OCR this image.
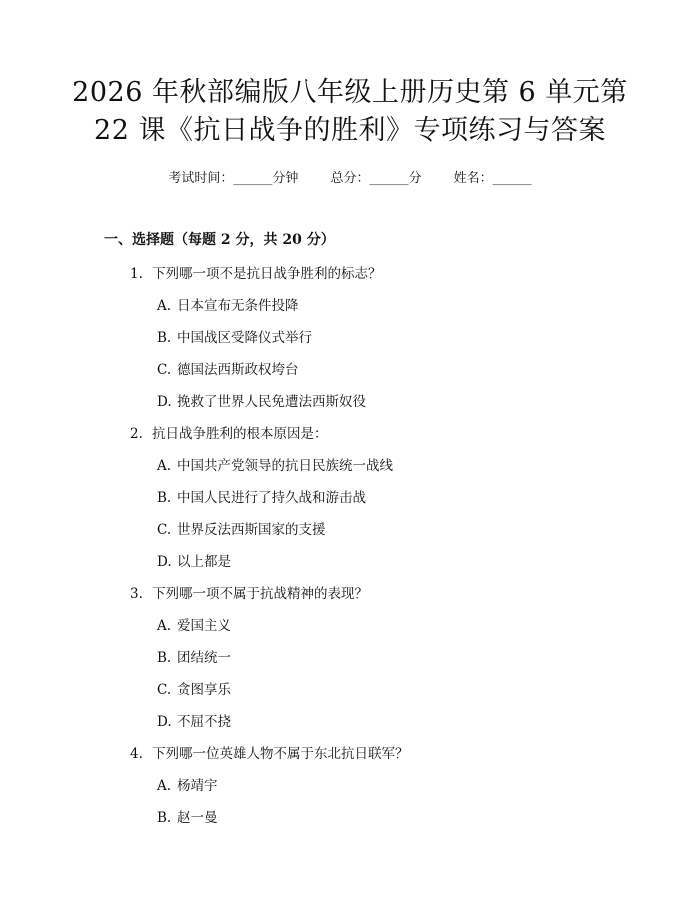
2026 年秋部编版八年级上册历史第 6 单元第
22 课《抗日战争的胜利》专项练习与答案
考试时间：______分钟 总分：______分 姓名：______
一、选择题（每题 2 分，共 20 分）
1. 下列哪一项不是抗日战争胜利的标志？
A. 日本宣布无条件投降
B. 中国战区受降仪式举行
C. 德国法西斯政权垮台
D. 挽救了世界人民免遭法西斯奴役
2. 抗日战争胜利的根本原因是：
A. 中国共产党领导的抗日民族统一战线
B. 中国人民进行了持久战和游击战
C. 世界反法西斯国家的支援
D. 以上都是
3. 下列哪一项不属于抗战精神的表现？
A. 爱国主义
B. 团结统一
C. 贪图享乐
D. 不屈不挠
4. 下列哪一位英雄人物不属于东北抗日联军？
A. 杨靖宇
B. 赵一曼
